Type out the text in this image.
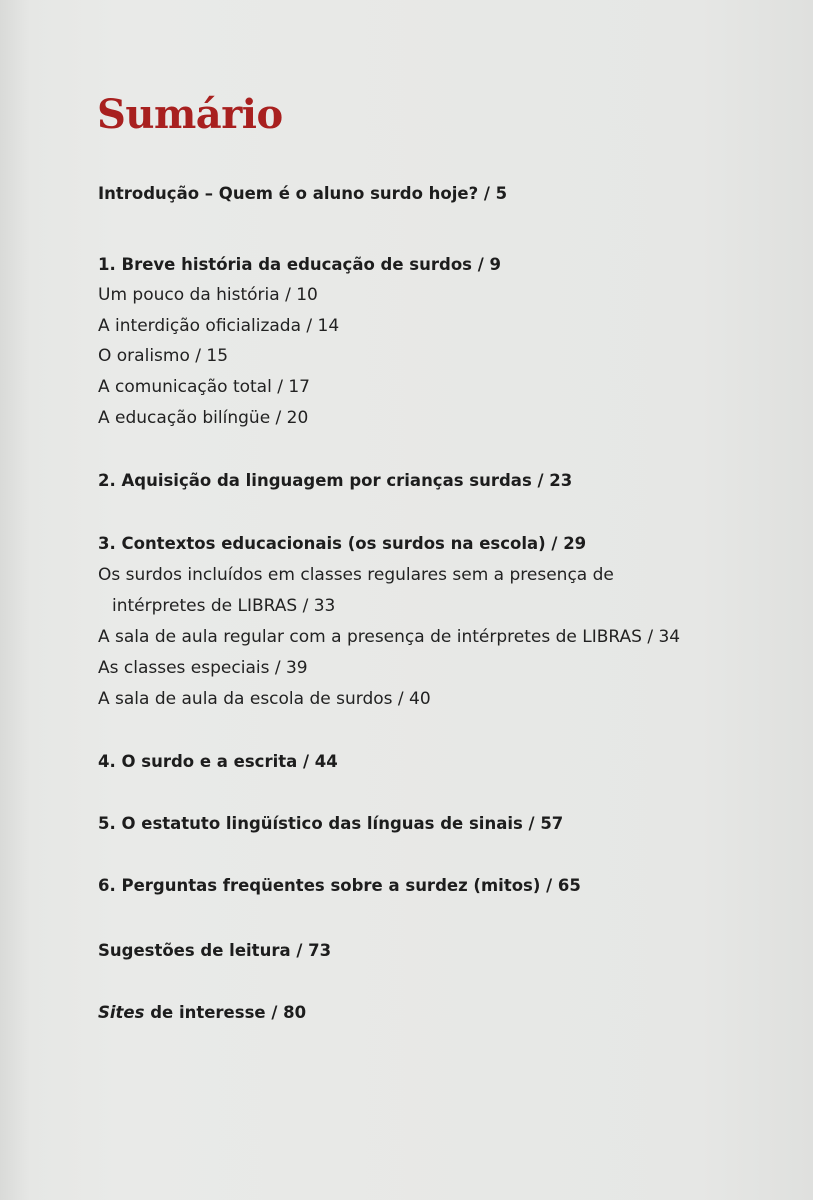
Sumário
Introdução – Quem é o aluno surdo hoje? / 5
1. Breve história da educação de surdos / 9
Um pouco da história / 10
A interdição oficializada / 14
O oralismo / 15
A comunicação total / 17
A educação bilíngüe / 20
2. Aquisição da linguagem por crianças surdas / 23
3. Contextos educacionais (os surdos na escola) / 29
Os surdos incluídos em classes regulares sem a presença de
intérpretes de LIBRAS / 33
A sala de aula regular com a presença de intérpretes de LIBRAS / 34
As classes especiais / 39
A sala de aula da escola de surdos / 40
4. O surdo e a escrita / 44
5. O estatuto lingüístico das línguas de sinais / 57
6. Perguntas freqüentes sobre a surdez (mitos) / 65
Sugestões de leitura / 73
Sites de interesse / 80
